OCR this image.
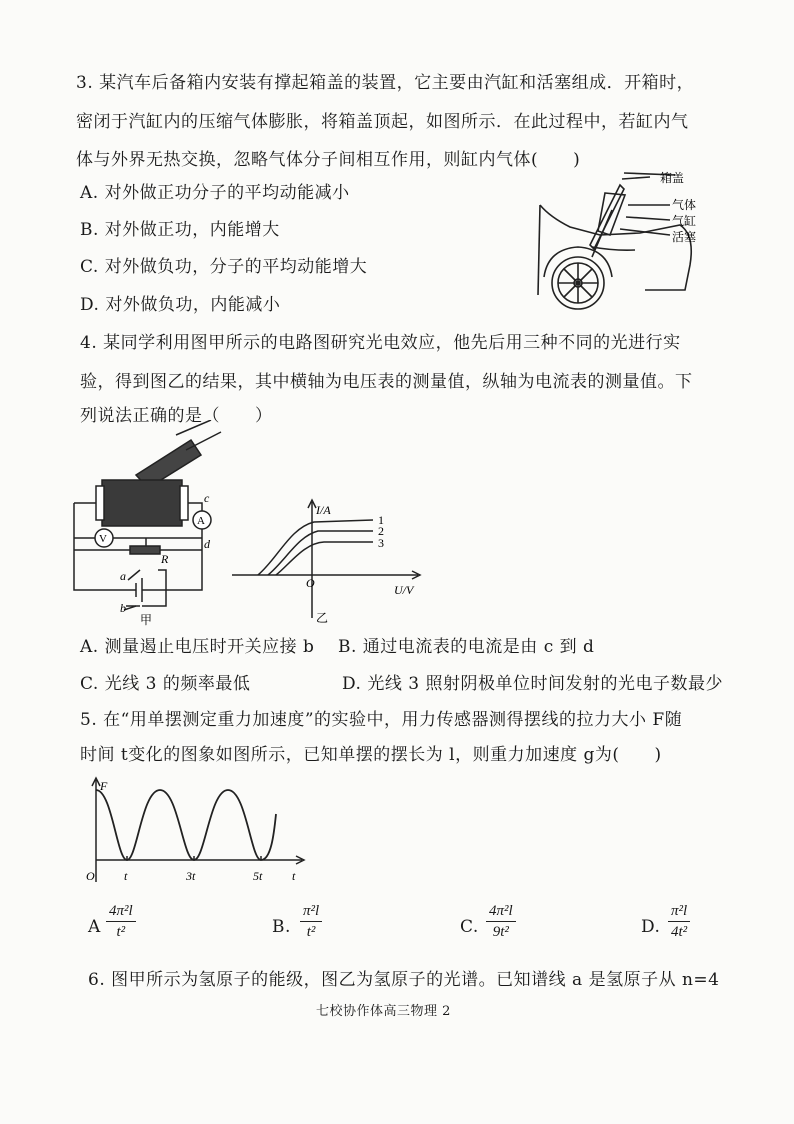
3. 某汽车后备箱内安装有撑起箱盖的装置，它主要由汽缸和活塞组成．开箱时，
密闭于汽缸内的压缩气体膨胀，将箱盖顶起，如图所示．在此过程中，若缸内气
体与外界无热交换，忽略气体分子间相互作用，则缸内气体(　　)
A. 对外做正功分子的平均动能减小
B. 对外做正功，内能增大
C. 对外做负功，分子的平均动能增大
D. 对外做负功，内能减小
箱盖
气体
气缸
活塞
4. 某同学利用图甲所示的电路图研究光电效应，他先后用三种不同的光进行实
验，得到图乙的结果，其中横轴为电压表的测量值，纵轴为电流表的测量值。下
列说法正确的是（　　）
V
A
c
d
R
a
b
甲
I/A
U/V
O
1
2
3
乙
A. 测量遏止电压时开关应接 b B. 通过电流表的电流是由 c 到 d
C. 光线 3 的频率最低	D. 光线 3 照射阴极单位时间发射的光电子数最少
5. 在“用单摆测定重力加速度”的实验中，用力传感器测得摆线的拉力大小 F随
时间 t变化的图象如图所示，已知单摆的摆长为 l，则重力加速度 g为(　　)
F
O t	3t	5t t
A $\frac{\text{4π²l}}{\text{t²}}$	B. $\frac{\text{π²l}}{\text{t²}}$	C. $\frac{\text{4π²l}}{\text{9t²}}$	D. $\frac{\text{π²l}}{\text{4t²}}$
6. 图甲所示为氢原子的能级，图乙为氢原子的光谱。已知谱线 a 是氢原子从 n=4
七校协作体高三物理 2
